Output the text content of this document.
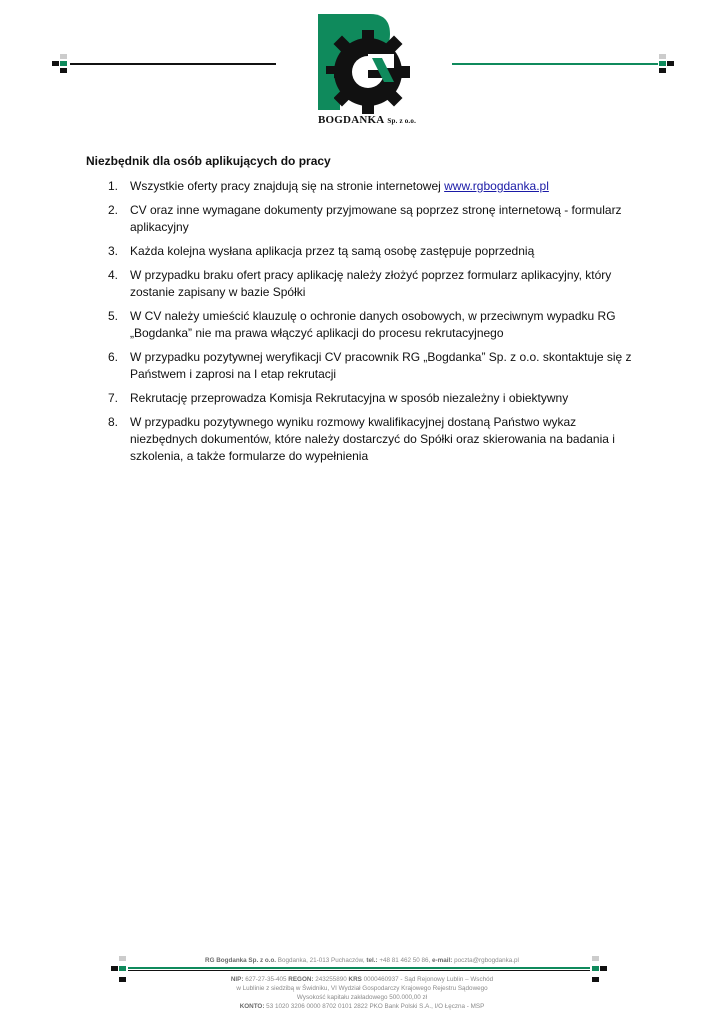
BOGDANKA Sp. z o.o.
Niezbędnik dla osób aplikujących do pracy
1. Wszystkie oferty pracy znajdują się na stronie internetowej www.rgbogdanka.pl
2. CV oraz inne wymagane dokumenty przyjmowane są poprzez stronę internetową - formularz aplikacyjny
3. Każda kolejna wysłana aplikacja przez tą samą osobę zastępuje poprzednią
4. W przypadku braku ofert pracy aplikację należy złożyć poprzez formularz aplikacyjny, który zostanie zapisany w bazie Spółki
5. W CV należy umieścić klauzulę o ochronie danych osobowych, w przeciwnym wypadku RG „Bogdanka” nie ma prawa włączyć aplikacji do procesu rekrutacyjnego
6. W przypadku pozytywnej weryfikacji CV pracownik RG „Bogdanka” Sp. z o.o. skontaktuje się z Państwem i zaprosi na I etap rekrutacji
7. Rekrutację przeprowadza Komisja Rekrutacyjna w sposób niezależny i obiektywny
8. W przypadku pozytywnego wyniku rozmowy kwalifikacyjnej dostaną Państwo wykaz niezbędnych dokumentów, które należy dostarczyć do Spółki oraz skierowania na badania i szkolenia, a także formularze do wypełnienia
RG Bogdanka Sp. z o.o. Bogdanka, 21-013 Puchaczów, tel.: +48 81 462 50 86, e-mail: poczta@rgbogdanka.pl
NIP: 627-27-35-405 REGON: 243255890 KRS 0000460937 - Sąd Rejonowy Lublin – Wschód
w Lublinie z siedzibą w Świdniku, VI Wydział Gospodarczy Krajowego Rejestru Sądowego
Wysokość kapitału zakładowego 500.000,00 zł
KONTO: 53 1020 3206 0000 8702 0101 2822 PKO Bank Polski S.A., I/O Łęczna - MSP
